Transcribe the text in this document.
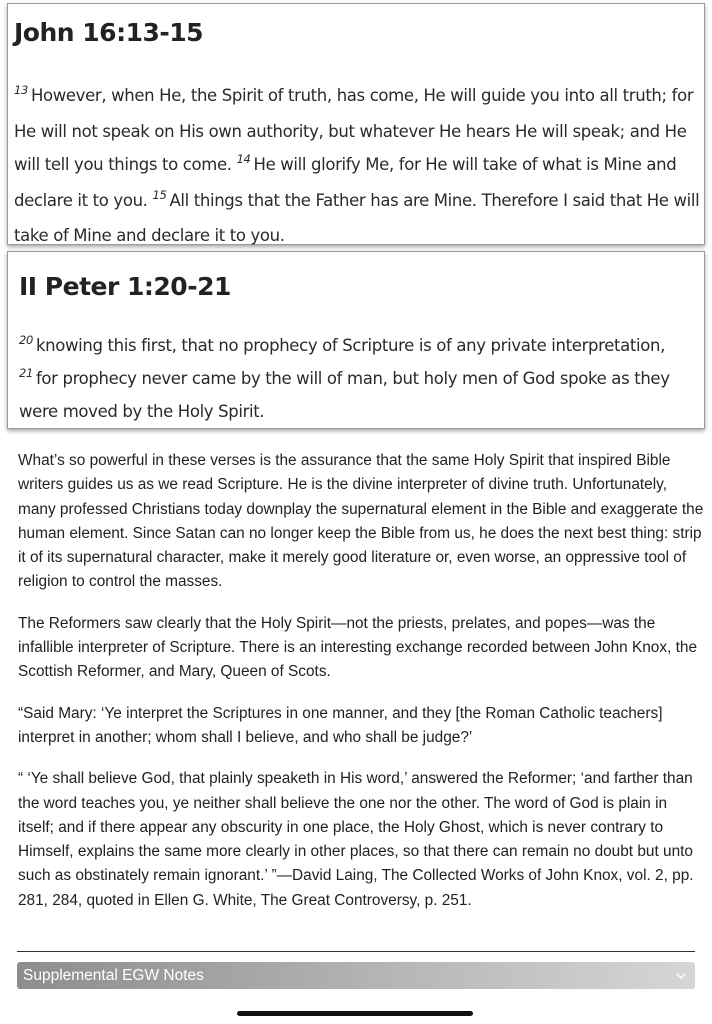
John 16:13-15
$^{13}$ However, when He, the Spirit of truth, has come, He will guide you into all truth; for He will not speak on His own authority, but whatever He hears He will speak; and He will tell you things to come. $^{14}$ He will glorify Me, for He will take of what is Mine and declare it to you. $^{15}$ All things that the Father has are Mine. Therefore I said that He will take of Mine and declare it to you.
II Peter 1:20-21
$^{20}$ knowing this first, that no prophecy of Scripture is of any private interpretation,
$^{21}$ for prophecy never came by the will of man, but holy men of God spoke as they were moved by the Holy Spirit.

What’s so powerful in these verses is the assurance that the same Holy Spirit that inspired Bible writers guides us as we read Scripture. He is the divine interpreter of divine truth. Unfortunately, many professed Christians today downplay the supernatural element in the Bible and exaggerate the human element. Since Satan can no longer keep the Bible from us, he does the next best thing: strip it of its supernatural character, make it merely good literature or, even worse, an oppressive tool of religion to control the masses.

The Reformers saw clearly that the Holy Spirit—not the priests, prelates, and popes—was the infallible interpreter of Scripture. There is an interesting exchange recorded between John Knox, the Scottish Reformer, and Mary, Queen of Scots.

“Said Mary: ‘Ye interpret the Scriptures in one manner, and they [the Roman Catholic teachers] interpret in another; whom shall I believe, and who shall be judge?’

“ ‘Ye shall believe God, that plainly speaketh in His word,’ answered the Reformer; ‘and farther than the word teaches you, ye neither shall believe the one nor the other. The word of God is plain in itself; and if there appear any obscurity in one place, the Holy Ghost, which is never contrary to Himself, explains the same more clearly in other places, so that there can remain no doubt but unto such as obstinately remain ignorant.’ ”—David Laing, The Collected Works of John Knox, vol. 2, pp. 281, 284, quoted in Ellen G. White, The Great Controversy, p. 251.

Supplemental EGW Notes
